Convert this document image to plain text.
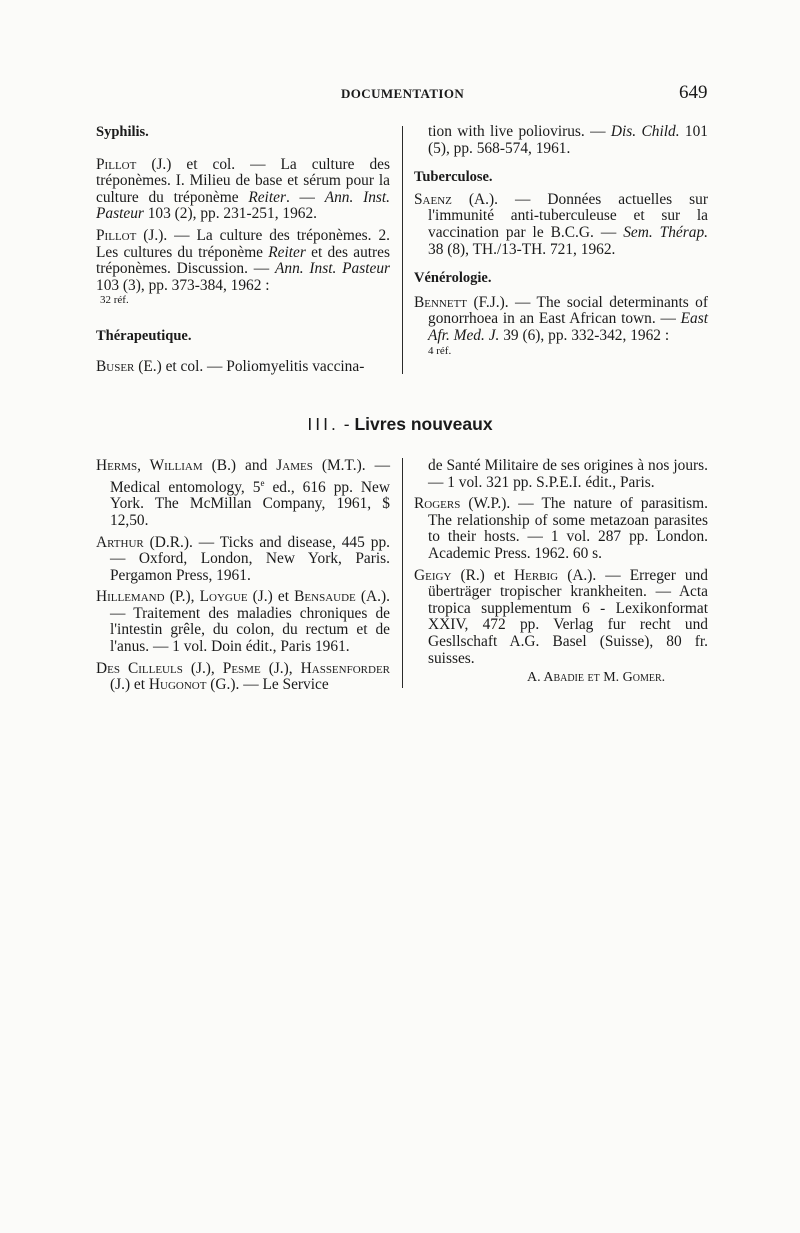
DOCUMENTATION	649

Syphilis.

Pillot (J.) et col. — La culture des tréponèmes. I. Milieu de base et sérum pour la culture du tréponème Reiter. — Ann. Inst. Pasteur 103 (2), pp. 231-251, 1962.

Pillot (J.). — La culture des tréponèmes. 2. Les cultures du tréponème Reiter et des autres tréponèmes. Discussion. — Ann. Inst. Pasteur 103 (3), pp. 373-384, 1962 :
32 réf.

Thérapeutique.

Buser (E.) et col. — Poliomyelitis vaccina-

tion with live poliovirus. — Dis. Child. 101 (5), pp. 568-574, 1961.

Tuberculose.

Saenz (A.). — Données actuelles sur l'immunité anti-tuberculeuse et sur la vaccination par le B.C.G. — Sem. Thérap. 38 (8), TH./13-TH. 721, 1962.

Vénérologie.

Bennett (F.J.). — The social determinants of gonorrhoea in an East African town. — East Afr. Med. J. 39 (6), pp. 332-342, 1962 :
4 réf.

III. - Livres nouveaux

Herms, William (B.) and James (M.T.). — Medical entomology, 5e ed., 616 pp. New York. The McMillan Company, 1961, $ 12,50.

Arthur (D.R.). — Ticks and disease, 445 pp. — Oxford, London, New York, Paris. Pergamon Press, 1961.

Hillemand (P.), Loygue (J.) et Bensaude (A.). — Traitement des maladies chroniques de l'intestin grêle, du colon, du rectum et de l'anus. — 1 vol. Doin édit., Paris 1961.

Des Cilleuls (J.), Pesme (J.), Hassenforder (J.) et Hugonot (G.). — Le Service

de Santé Militaire de ses origines à nos jours. — 1 vol. 321 pp. S.P.E.I. édit., Paris.

Rogers (W.P.). — The nature of parasitism. The relationship of some metazoan parasites to their hosts. — 1 vol. 287 pp. London. Academic Press. 1962. 60 s.

Geigy (R.) et Herbig (A.). — Erreger und überträger tropischer krankheiten. — Acta tropica supplementum 6 - Lexikonformat XXIV, 472 pp. Verlag fur recht und Gesllschaft A.G. Basel (Suisse), 80 fr. suisses.

A. Abadie et M. Gomer.
